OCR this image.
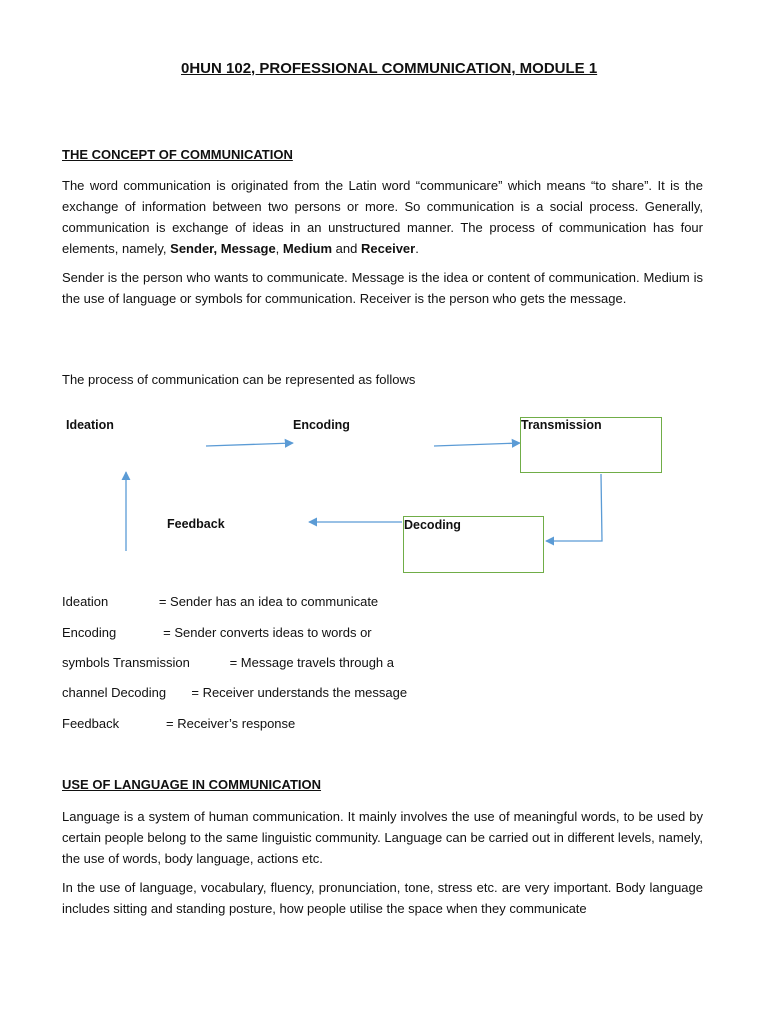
0HUN 102, PROFESSIONAL COMMUNICATION, MODULE 1
THE CONCEPT OF COMMUNICATION

The word communication is originated from the Latin word “communicare” which means “to share”. It is the exchange of information between two persons or more. So communication is a social process. Generally, communication is exchange of ideas in an unstructured manner. The process of communication has four elements, namely, Sender, Message, Medium and Receiver.

Sender is the person who wants to communicate. Message is the idea or content of communication. Medium is the use of language or symbols for communication. Receiver is the person who gets the message.

The process of communication can be represented as follows
Ideation	Encoding	Transmission
Feedback	Decoding
Ideation              = Sender has an idea to communicate
Encoding             = Sender converts ideas to words or
symbols Transmission           = Message travels through a
channel Decoding       = Receiver understands the message
Feedback             = Receiver’s response
USE OF LANGUAGE IN COMMUNICATION

Language is a system of human communication. It mainly involves the use of meaningful words, to be used by certain people belong to the same linguistic community. Language can be carried out in different levels, namely, the use of words, body language, actions etc.

In the use of language, vocabulary, fluency, pronunciation, tone, stress etc. are very important. Body language includes sitting and standing posture, how people utilise the space when they communicate
